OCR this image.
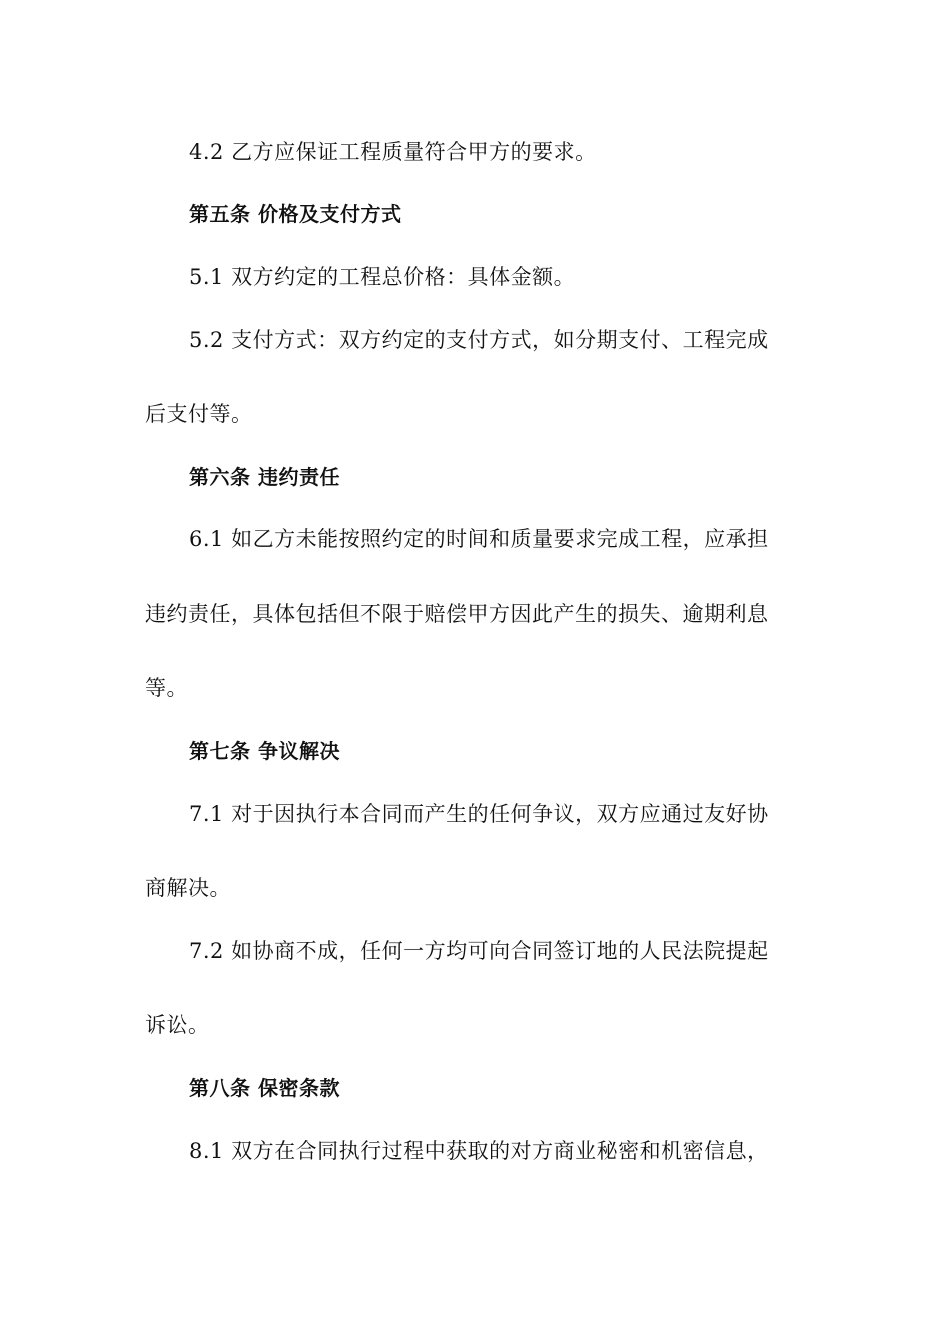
4.2 乙方应保证工程质量符合甲方的要求。
第五条 价格及支付方式
5.1 双方约定的工程总价格：具体金额。
5.2 支付方式：双方约定的支付方式，如分期支付、工程完成
后支付等。
第六条 违约责任
6.1 如乙方未能按照约定的时间和质量要求完成工程，应承担
违约责任，具体包括但不限于赔偿甲方因此产生的损失、逾期利息
等。
第七条 争议解决
7.1 对于因执行本合同而产生的任何争议，双方应通过友好协
商解决。
7.2 如协商不成，任何一方均可向合同签订地的人民法院提起
诉讼。
第八条 保密条款
8.1 双方在合同执行过程中获取的对方商业秘密和机密信息，
